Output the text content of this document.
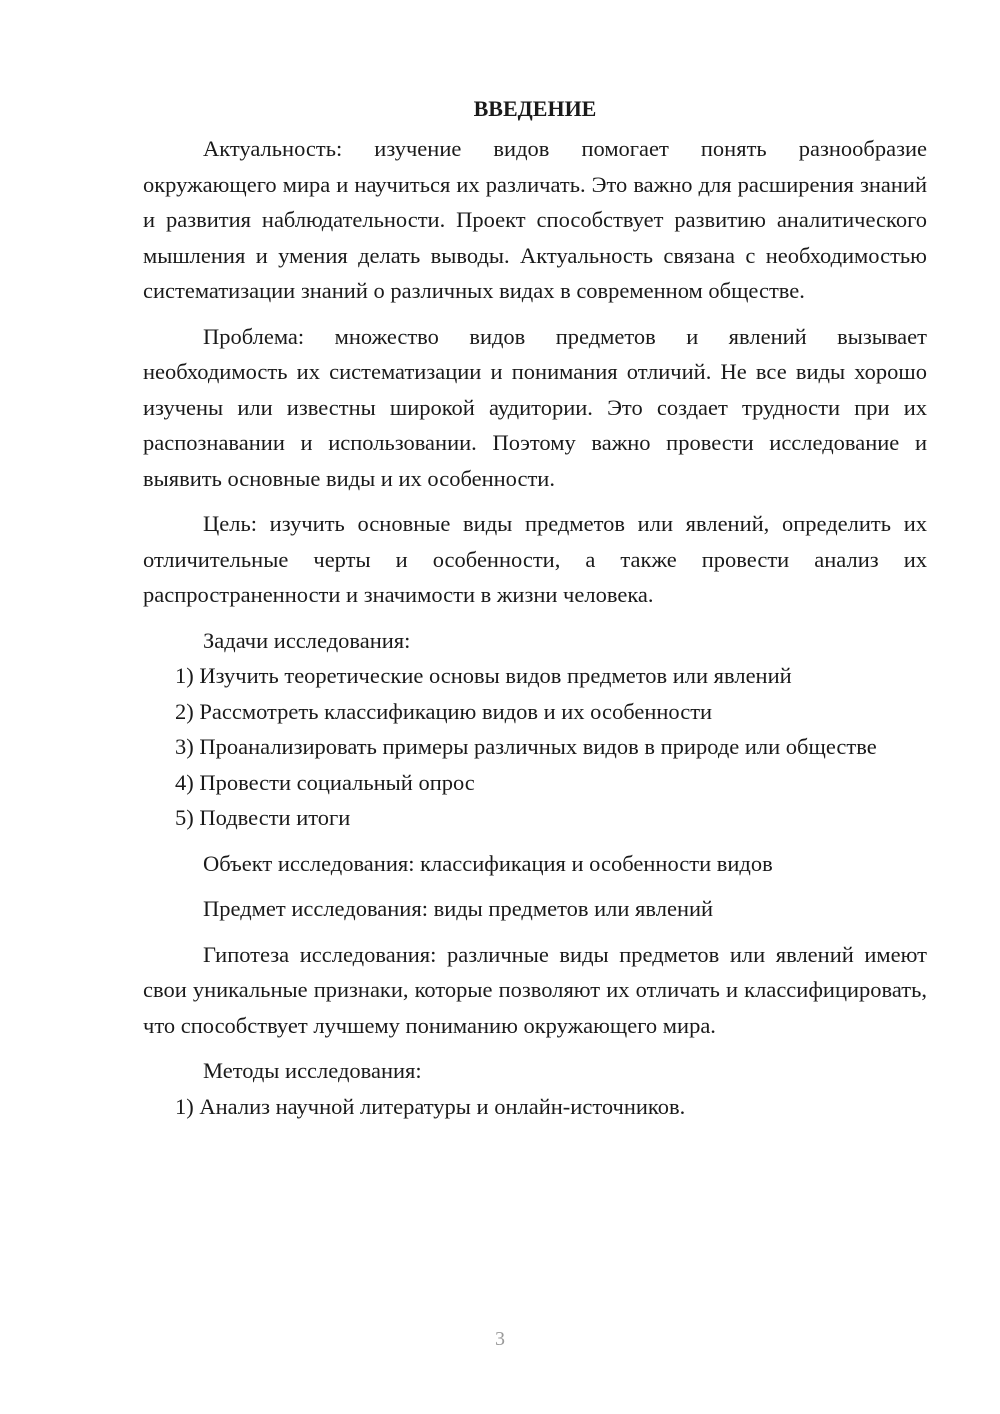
ВВЕДЕНИЕ

Актуальность: изучение видов помогает понять разнообразие окружающего мира и научиться их различать. Это важно для расширения знаний и развития наблюдательности. Проект способствует развитию аналитического мышления и умения делать выводы. Актуальность связана с необходимостью систематизации знаний о различных видах в современном обществе.

Проблема: множество видов предметов и явлений вызывает необходимость их систематизации и понимания отличий. Не все виды хорошо изучены или известны широкой аудитории. Это создает трудности при их распознавании и использовании. Поэтому важно провести исследование и выявить основные виды и их особенности.

Цель: изучить основные виды предметов или явлений, определить их отличительные черты и особенности, а также провести анализ их распространенности и значимости в жизни человека.

Задачи исследования:

1) Изучить теоретические основы видов предметов или явлений

2) Рассмотреть классификацию видов и их особенности

3) Проанализировать примеры различных видов в природе или обществе

4) Провести социальный опрос

5) Подвести итоги

Объект исследования: классификация и особенности видов

Предмет исследования: виды предметов или явлений

Гипотеза исследования: различные виды предметов или явлений имеют свои уникальные признаки, которые позволяют их отличать и классифицировать, что способствует лучшему пониманию окружающего мира.

Методы исследования:

1) Анализ научной литературы и онлайн-источников.

3
